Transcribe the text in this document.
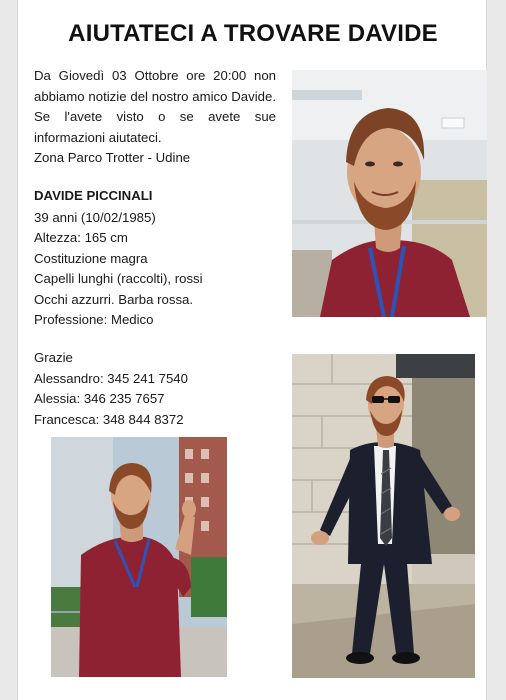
AIUTATECI A TROVARE DAVIDE

Da Giovedì 03 Ottobre ore 20:00 non abbiamo notizie del nostro amico Davide. Se l'avete visto o se avete sue informazioni aiutateci.

Zona Parco Trotter - Udine

DAVIDE PICCINALI
39 anni (10/02/1985)
Altezza: 165 cm
Costituzione magra
Capelli lunghi (raccolti), rossi
Occhi azzurri. Barba rossa.
Professione: Medico
Grazie
Alessandro: 345 241 7540
Alessia: 346 235 7657
Francesca: 348 844 8372
